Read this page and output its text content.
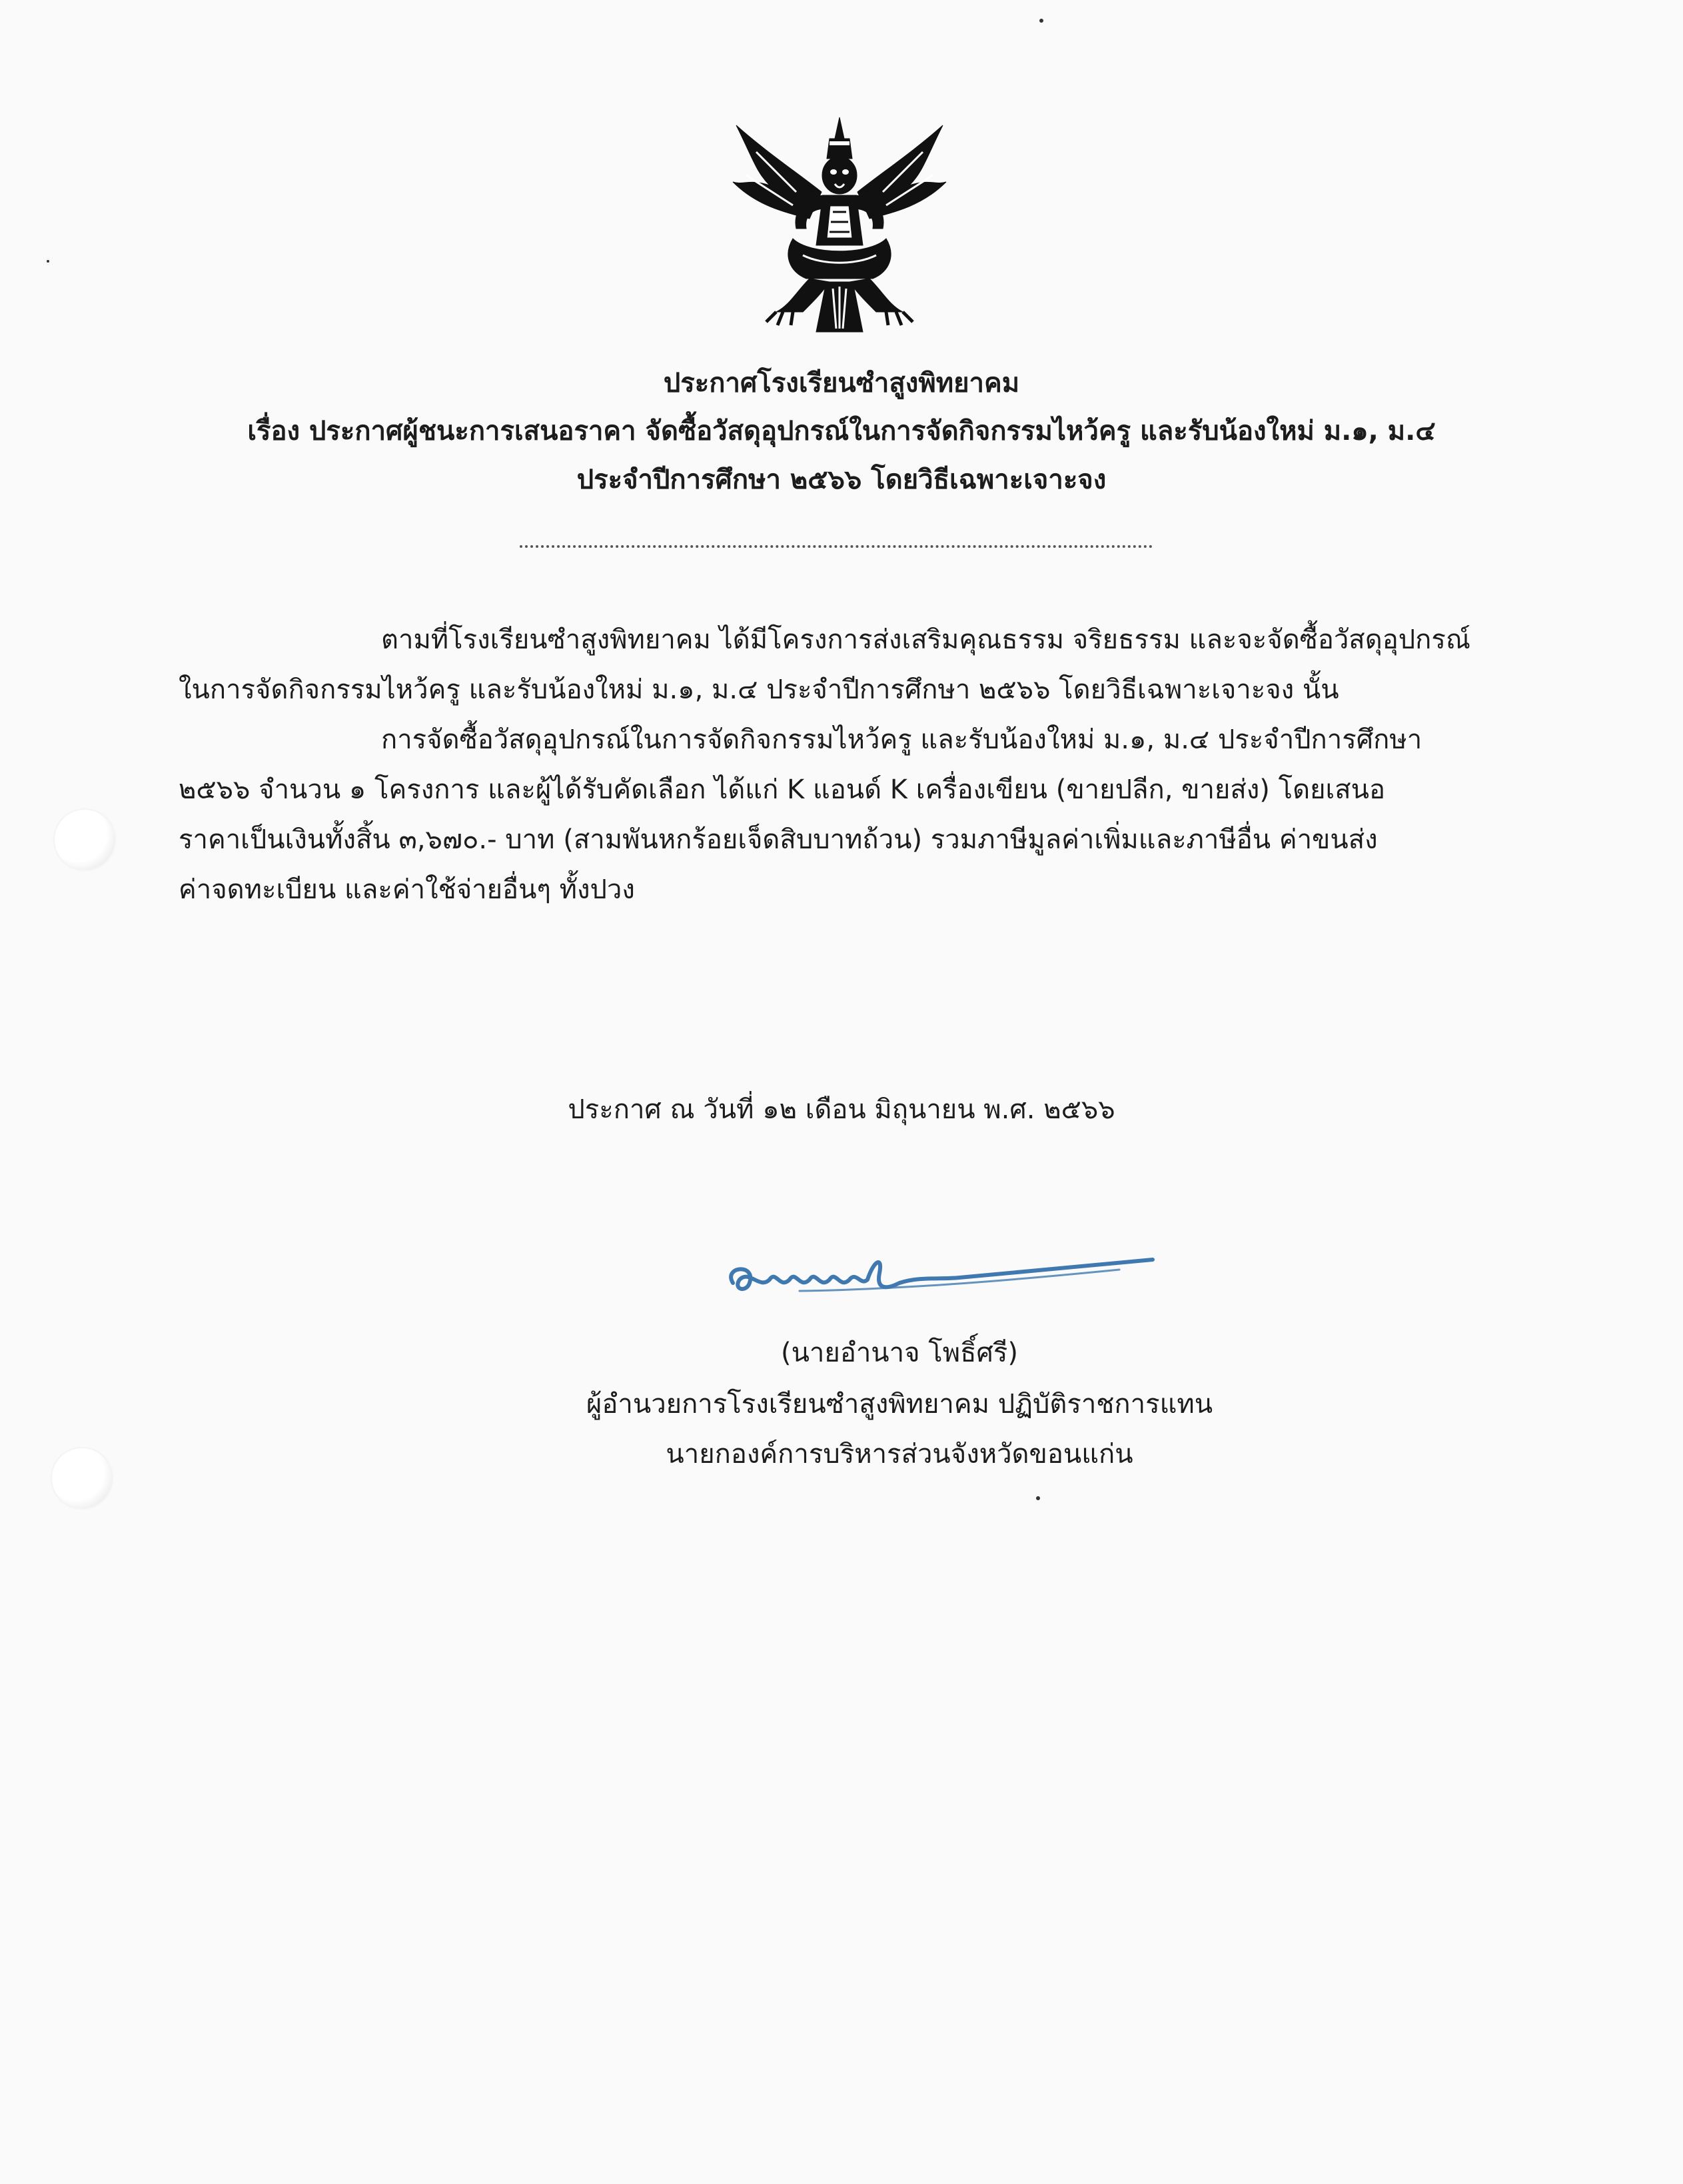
ประกาศโรงเรียนซำสูงพิทยาคม
เรื่อง ประกาศผู้ชนะการเสนอราคา จัดซื้อวัสดุอุปกรณ์ในการจัดกิจกรรมไหว้ครู และรับน้องใหม่ ม.๑, ม.๔
ประจำปีการศึกษา ๒๕๖๖ โดยวิธีเฉพาะเจาะจง
ตามที่โรงเรียนซำสูงพิทยาคม ได้มีโครงการส่งเสริมคุณธรรม จริยธรรม และจะจัดซื้อวัสดุอุปกรณ์
ในการจัดกิจกรรมไหว้ครู และรับน้องใหม่ ม.๑, ม.๔ ประจำปีการศึกษา ๒๕๖๖ โดยวิธีเฉพาะเจาะจง นั้น
การจัดซื้อวัสดุอุปกรณ์ในการจัดกิจกรรมไหว้ครู และรับน้องใหม่ ม.๑, ม.๔ ประจำปีการศึกษา
๒๕๖๖ จำนวน ๑ โครงการ และผู้ได้รับคัดเลือก ได้แก่ K แอนด์ K เครื่องเขียน (ขายปลีก, ขายส่ง) โดยเสนอ
ราคาเป็นเงินทั้งสิ้น ๓,๖๗๐.- บาท (สามพันหกร้อยเจ็ดสิบบาทถ้วน) รวมภาษีมูลค่าเพิ่มและภาษีอื่น ค่าขนส่ง
ค่าจดทะเบียน และค่าใช้จ่ายอื่นๆ ทั้งปวง
ประกาศ ณ วันที่ ๑๒ เดือน มิถุนายน พ.ศ. ๒๕๖๖
(นายอำนาจ โพธิ์ศรี)
ผู้อำนวยการโรงเรียนซำสูงพิทยาคม ปฏิบัติราชการแทน
นายกองค์การบริหารส่วนจังหวัดขอนแก่น
